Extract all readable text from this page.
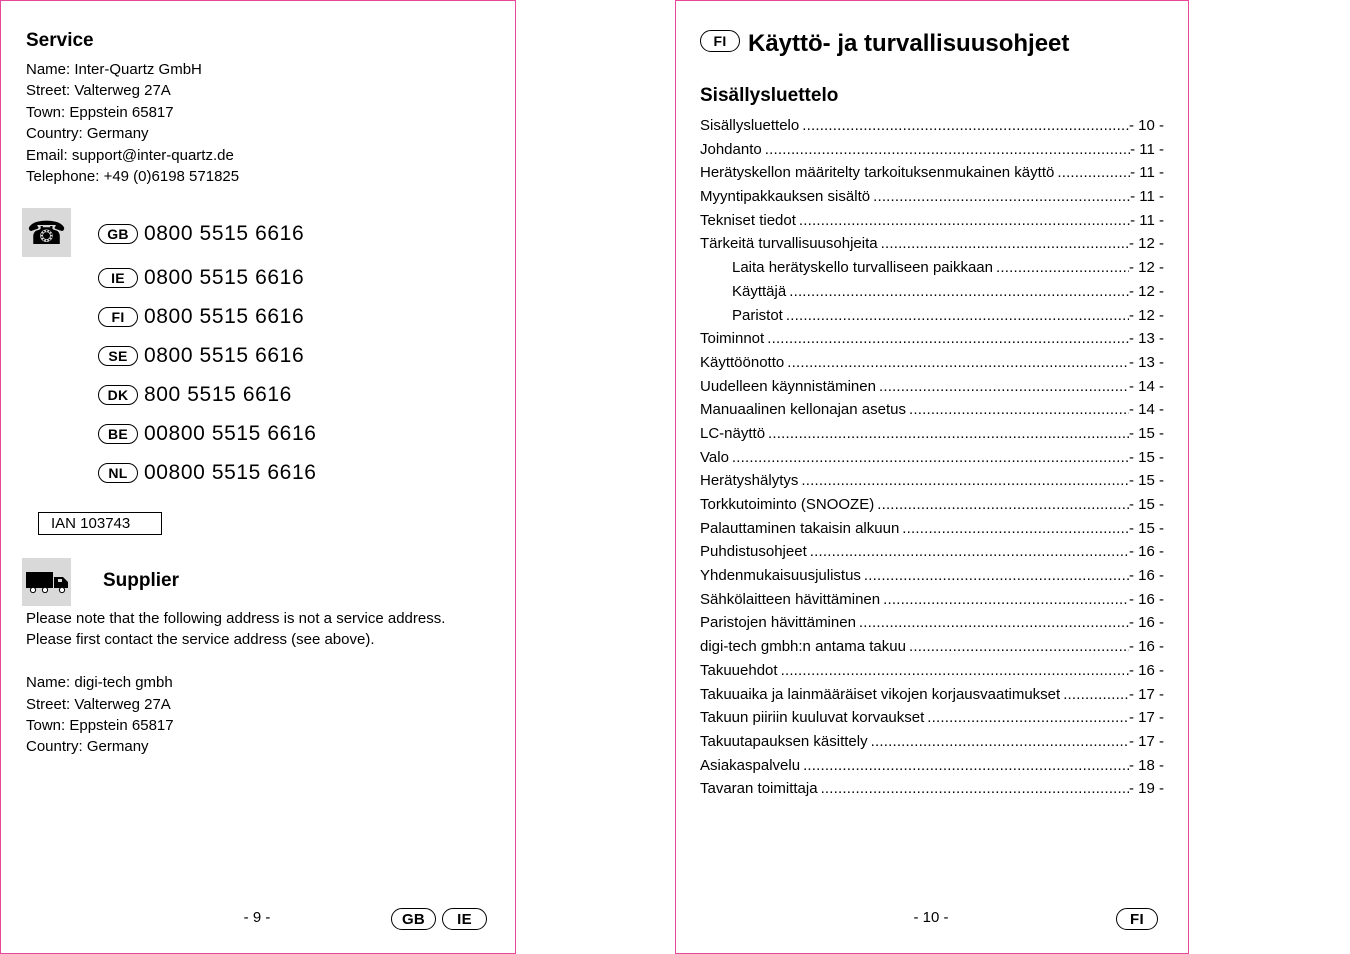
Service
Name: Inter-Quartz GmbH
Street: Valterweg 27A
Town: Eppstein 65817
Country: Germany
Email: support@inter-quartz.de
Telephone: +49 (0)6198 571825
☎	GB 0800 5515 6616
IE 0800 5515 6616
FI 0800 5515 6616
SE 0800 5515 6616
DK 800 5515 6616
BE 00800 5515 6616
NL 00800 5515 6616
IAN 103743
Supplier
Please note that the following address is not a service address.
Please first contact the service address (see above).
Name: digi-tech gmbh
Street: Valterweg 27A
Town: Eppstein 65817
Country: Germany
- 9 -	GB	IE
FI Käyttö- ja turvallisuusohjeet
Sisällysluettelo
Sisällysluettelo .....	- 10 -
Johdanto .....	- 11 -
Herätyskellon määritelty tarkoituksenmukainen käyttö .....	- 11 -
Myyntipakkauksen sisältö .....	- 11 -
Tekniset tiedot .....	- 11 -
Tärkeitä turvallisuusohjeita .....	- 12 -
Laita herätyskello turvalliseen paikkaan .....	- 12 -
Käyttäjä .....	- 12 -
Paristot .....	- 12 -
Toiminnot .....	- 13 -
Käyttöönotto .....	- 13 -
Uudelleen käynnistäminen .....	- 14 -
Manuaalinen kellonajan asetus .....	- 14 -
LC-näyttö .....	- 15 -
Valo .....	- 15 -
Herätyshälytys .....	- 15 -
Torkkutoiminto (SNOOZE) .....	- 15 -
Palauttaminen takaisin alkuun .....	- 15 -
Puhdistusohjeet .....	- 16 -
Yhdenmukaisuusjulistus .....	- 16 -
Sähkölaitteen hävittäminen .....	- 16 -
Paristojen hävittäminen .....	- 16 -
digi-tech gmbh:n antama takuu .....	- 16 -
Takuuehdot .....	- 16 -
Takuuaika ja lainmääräiset vikojen korjausvaatimukset .....	- 17 -
Takuun piiriin kuuluvat korvaukset .....	- 17 -
Takuutapauksen käsittely .....	- 17 -
Asiakaspalvelu .....	- 18 -
Tavaran toimittaja .....	- 19 -
- 10 -	FI
